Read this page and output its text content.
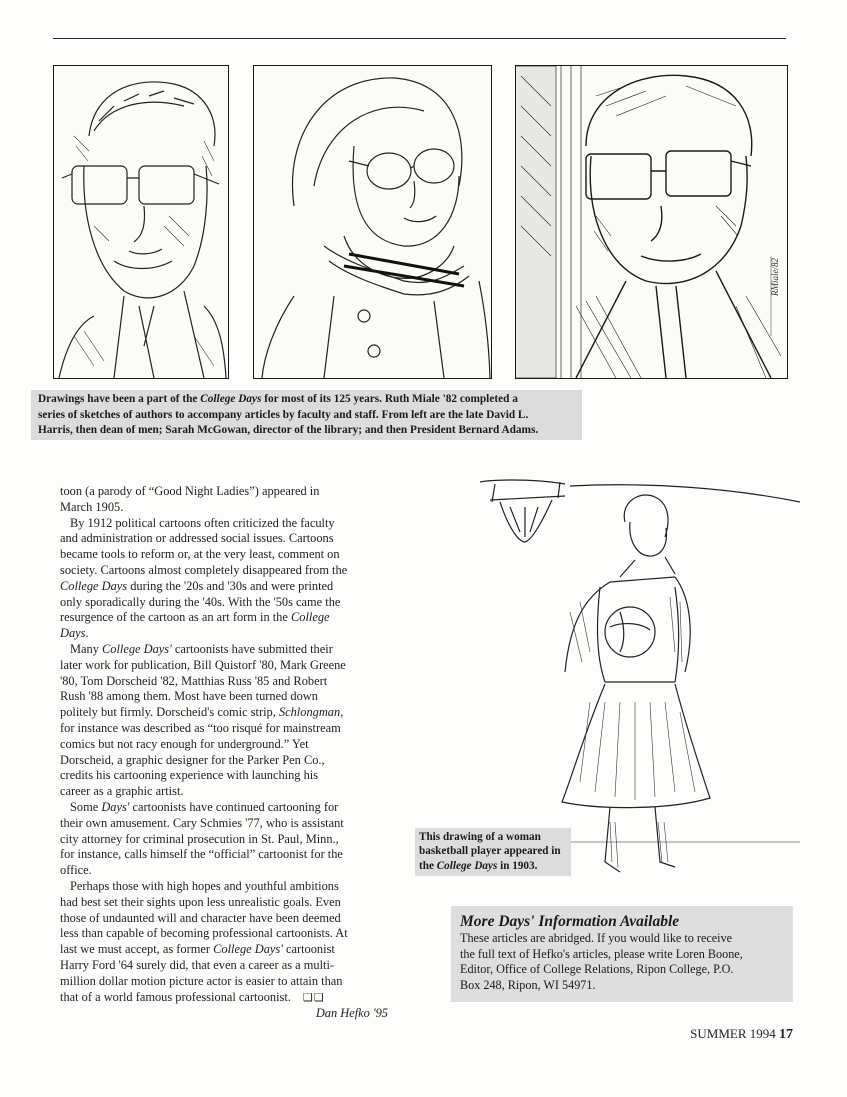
RMiale/82
Drawings have been a part of the College Days for most of its 125 years. Ruth Miale '82 completed a
series of sketches of authors to accompany articles by faculty and staff. From left are the late David L.
Harris, then dean of men; Sarah McGowan, director of the library; and then President Bernard Adams.

toon (a parody of “Good Night Ladies”) appeared in
March 1905.

By 1912 political cartoons often criticized the faculty
and administration or addressed social issues. Cartoons
became tools to reform or, at the very least, comment on
society. Cartoons almost completely disappeared from the
College Days during the '20s and '30s and were printed
only sporadically during the '40s. With the '50s came the
resurgence of the cartoon as an art form in the College
Days.

Many College Days' cartoonists have submitted their
later work for publication, Bill Quistorf '80, Mark Greene
'80, Tom Dorscheid '82, Matthias Russ '85 and Robert
Rush '88 among them. Most have been turned down
politely but firmly. Dorscheid's comic strip, Schlongman,
for instance was described as “too risqué for mainstream
comics but not racy enough for underground.” Yet
Dorscheid, a graphic designer for the Parker Pen Co.,
credits his cartooning experience with launching his
career as a graphic artist.

Some Days' cartoonists have continued cartooning for
their own amusement. Cary Schmies '77, who is assistant
city attorney for criminal prosecution in St. Paul, Minn.,
for instance, calls himself the “official” cartoonist for the
office.

Perhaps those with high hopes and youthful ambitions
had best set their sights upon less unrealistic goals. Even
those of undaunted will and character have been deemed
less than capable of becoming professional cartoonists. At
last we must accept, as former College Days' cartoonist
Harry Ford '64 surely did, that even a career as a multi-
million dollar motion picture actor is easier to attain than
that of a world famous professional cartoonist. ❏❏

Dan Hefko '95

This drawing of a woman
basketball player appeared in
the College Days in 1903.
More Days' Information Available
These articles are abridged. If you would like to receive
the full text of Hefko's articles, please write Loren Boone,
Editor, Office of College Relations, Ripon College, P.O.
Box 248, Ripon, WI 54971.
SUMMER 1994 17
